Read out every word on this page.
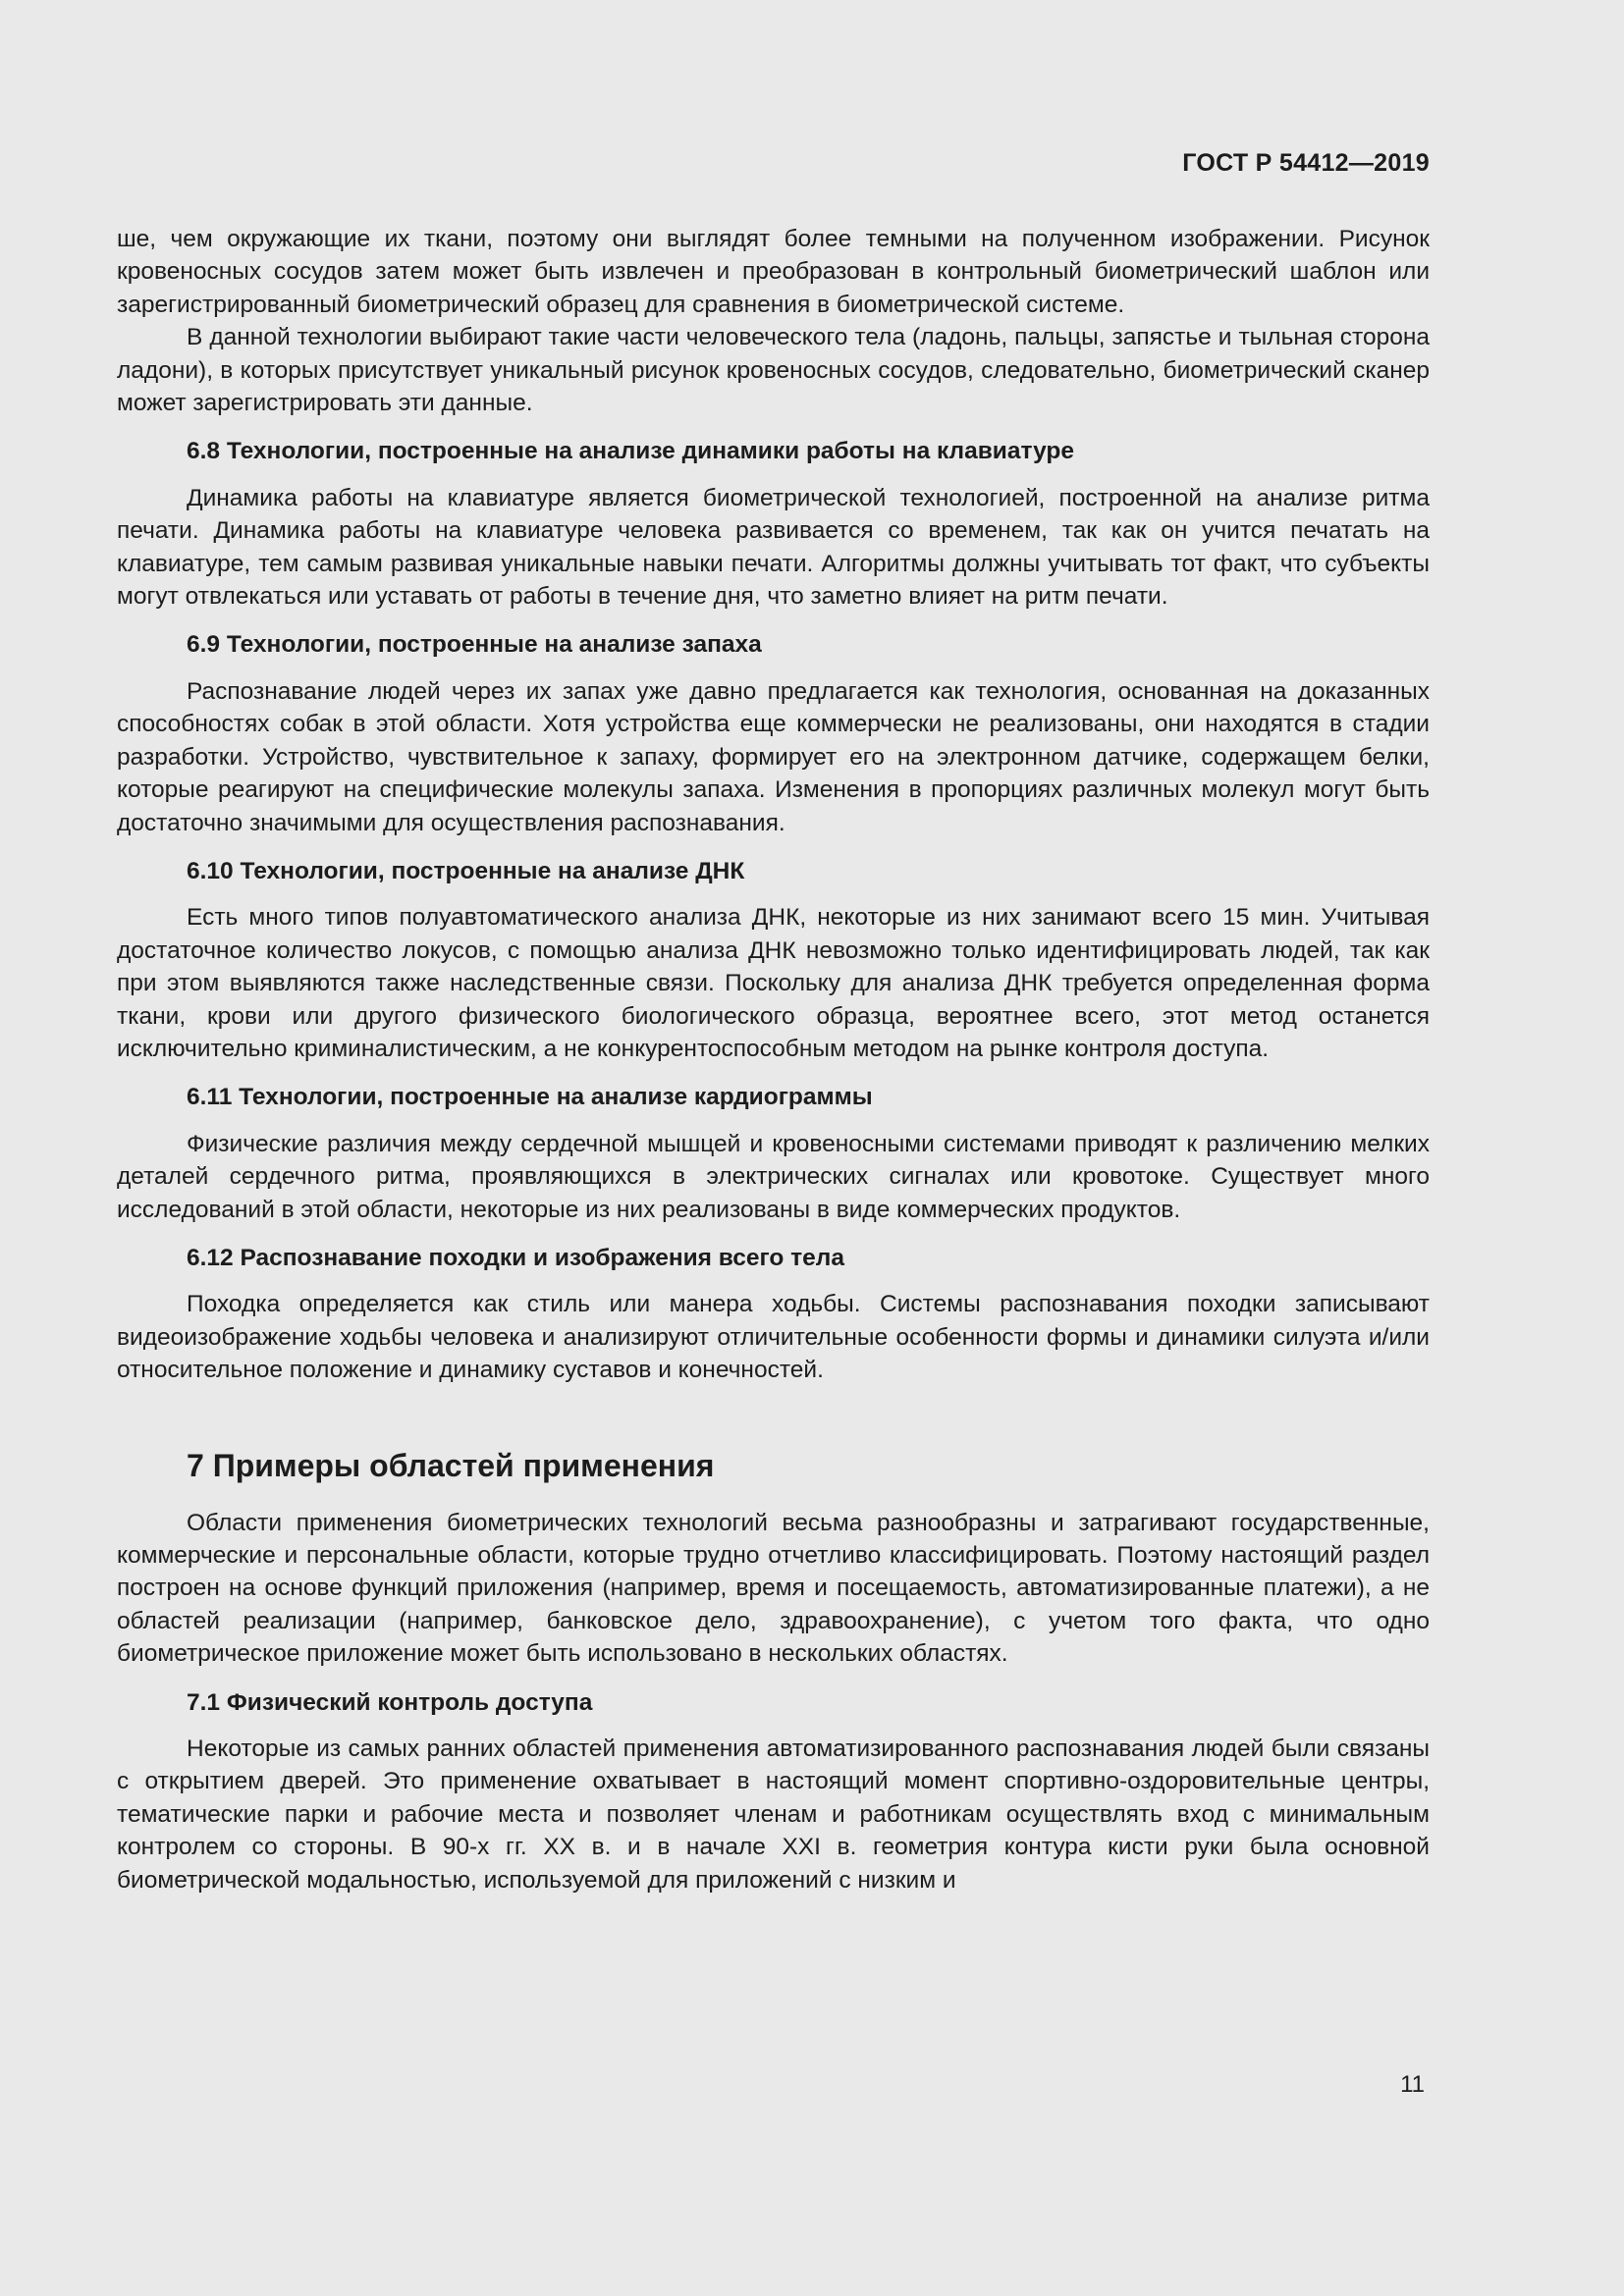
ГОСТ Р 54412—2019

ше, чем окружающие их ткани, поэтому они выглядят более темными на полученном изображении. Рисунок кровеносных сосудов затем может быть извлечен и преобразован в контрольный биометрический шаблон или зарегистрированный биометрический образец для сравнения в биометрической системе.

В данной технологии выбирают такие части человеческого тела (ладонь, пальцы, запястье и тыльная сторона ладони), в которых присутствует уникальный рисунок кровеносных сосудов, следовательно, биометрический сканер может зарегистрировать эти данные.

6.8 Технологии, построенные на анализе динамики работы на клавиатуре

Динамика работы на клавиатуре является биометрической технологией, построенной на анализе ритма печати. Динамика работы на клавиатуре человека развивается со временем, так как он учится печатать на клавиатуре, тем самым развивая уникальные навыки печати. Алгоритмы должны учитывать тот факт, что субъекты могут отвлекаться или уставать от работы в течение дня, что заметно влияет на ритм печати.

6.9 Технологии, построенные на анализе запаха

Распознавание людей через их запах уже давно предлагается как технология, основанная на доказанных способностях собак в этой области. Хотя устройства еще коммерчески не реализованы, они находятся в стадии разработки. Устройство, чувствительное к запаху, формирует его на электронном датчике, содержащем белки, которые реагируют на специфические молекулы запаха. Изменения в пропорциях различных молекул могут быть достаточно значимыми для осуществления распознавания.

6.10 Технологии, построенные на анализе ДНК

Есть много типов полуавтоматического анализа ДНК, некоторые из них занимают всего 15 мин. Учитывая достаточное количество локусов, с помощью анализа ДНК невозможно только идентифицировать людей, так как при этом выявляются также наследственные связи. Поскольку для анализа ДНК требуется определенная форма ткани, крови или другого физического биологического образца, вероятнее всего, этот метод останется исключительно криминалистическим, а не конкурентоспособным методом на рынке контроля доступа.

6.11 Технологии, построенные на анализе кардиограммы

Физические различия между сердечной мышцей и кровеносными системами приводят к различению мелких деталей сердечного ритма, проявляющихся в электрических сигналах или кровотоке. Существует много исследований в этой области, некоторые из них реализованы в виде коммерческих продуктов.

6.12 Распознавание походки и изображения всего тела

Походка определяется как стиль или манера ходьбы. Системы распознавания походки записывают видеоизображение ходьбы человека и анализируют отличительные особенности формы и динамики силуэта и/или относительное положение и динамику суставов и конечностей.

7 Примеры областей применения

Области применения биометрических технологий весьма разнообразны и затрагивают государственные, коммерческие и персональные области, которые трудно отчетливо классифицировать. Поэтому настоящий раздел построен на основе функций приложения (например, время и посещаемость, автоматизированные платежи), а не областей реализации (например, банковское дело, здравоохранение), с учетом того факта, что одно биометрическое приложение может быть использовано в нескольких областях.

7.1 Физический контроль доступа

Некоторые из самых ранних областей применения автоматизированного распознавания людей были связаны с открытием дверей. Это применение охватывает в настоящий момент спортивно-оздоровительные центры, тематические парки и рабочие места и позволяет членам и работникам осуществлять вход с минимальным контролем со стороны. В 90-х гг. XX в. и в начале XXI в. геометрия контура кисти руки была основной биометрической модальностью, используемой для приложений с низким и

11
